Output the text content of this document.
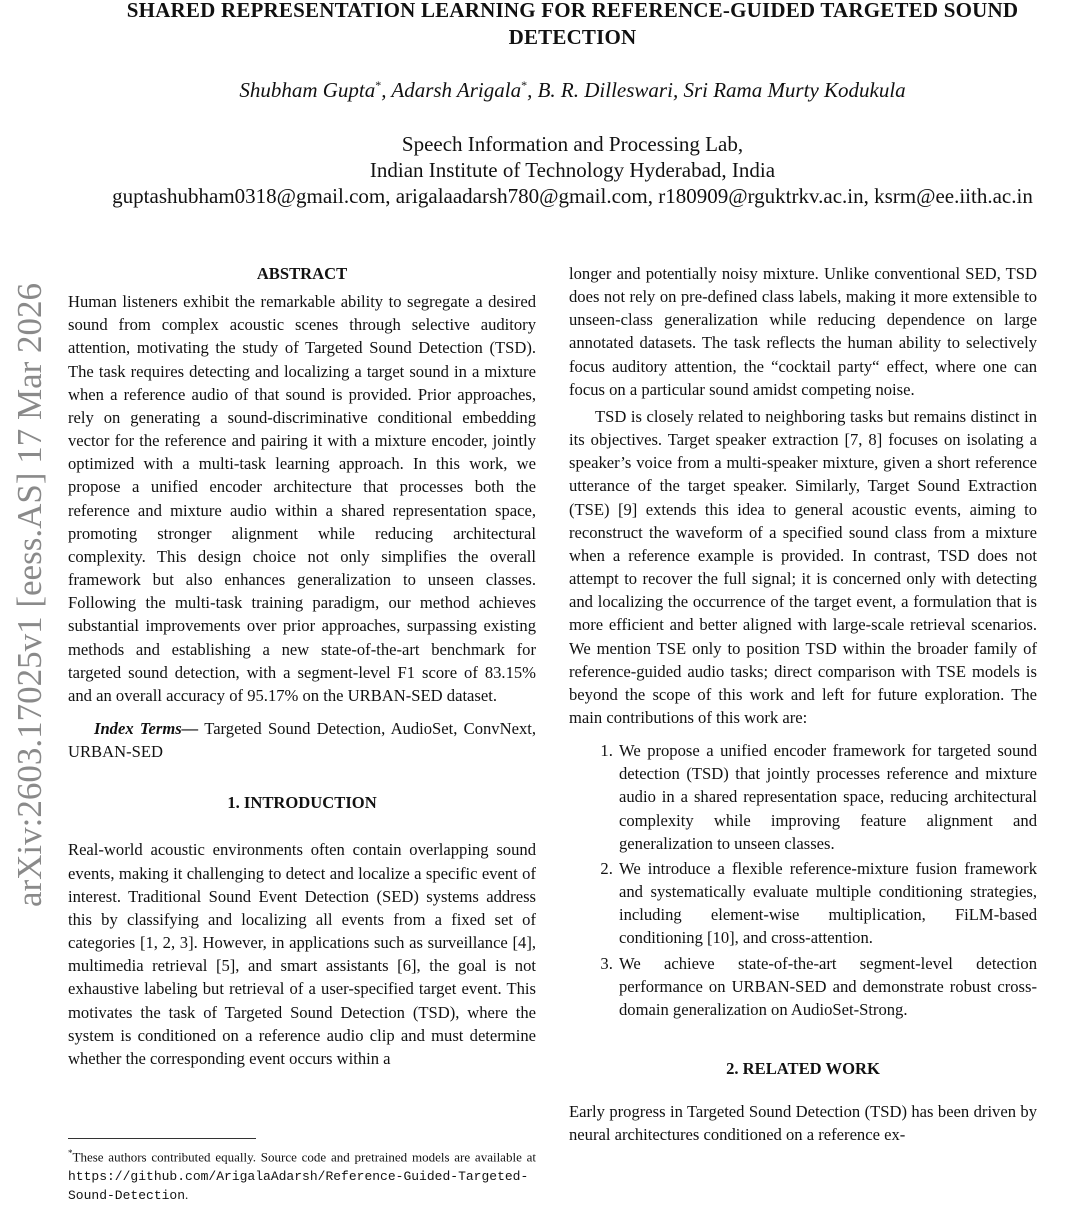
arXiv:2603.17025v1 [eess.AS] 17 Mar 2026
SHARED REPRESENTATION LEARNING FOR REFERENCE-GUIDED TARGETED SOUND
DETECTION
Shubham Gupta*, Adarsh Arigala*, B. R. Dilleswari, Sri Rama Murty Kodukula
Speech Information and Processing Lab,
Indian Institute of Technology Hyderabad, India
guptashubham0318@gmail.com, arigalaadarsh780@gmail.com, r180909@rguktrkv.ac.in, ksrm@ee.iith.ac.in

ABSTRACT

Human listeners exhibit the remarkable ability to segregate a desired sound from complex acoustic scenes through selective auditory attention, motivating the study of Targeted Sound Detection (TSD). The task requires detecting and localizing a target sound in a mixture when a reference audio of that sound is provided. Prior approaches, rely on generating a sound-discriminative conditional embedding vector for the reference and pairing it with a mixture encoder, jointly optimized with a multi-task learning approach. In this work, we propose a unified encoder architecture that processes both the reference and mixture audio within a shared representation space, promoting stronger alignment while reducing architectural complexity. This design choice not only simplifies the overall framework but also enhances generalization to unseen classes. Following the multi-task training paradigm, our method achieves substantial improvements over prior approaches, surpassing existing methods and establishing a new state-of-the-art benchmark for targeted sound detection, with a segment-level F1 score of 83.15% and an overall accuracy of 95.17% on the URBAN-SED dataset.

Index Terms— Targeted Sound Detection, AudioSet, ConvNext, URBAN-SED

1. INTRODUCTION

Real-world acoustic environments often contain overlapping sound events, making it challenging to detect and localize a specific event of interest. Traditional Sound Event Detection (SED) systems address this by classifying and localizing all events from a fixed set of categories [1, 2, 3]. However, in applications such as surveillance [4], multimedia retrieval [5], and smart assistants [6], the goal is not exhaustive labeling but retrieval of a user-specified target event. This motivates the task of Targeted Sound Detection (TSD), where the system is conditioned on a reference audio clip and must determine whether the corresponding event occurs within a

longer and potentially noisy mixture. Unlike conventional SED, TSD does not rely on pre-defined class labels, making it more extensible to unseen-class generalization while reducing dependence on large annotated datasets. The task reflects the human ability to selectively focus auditory attention, the “cocktail party“ effect, where one can focus on a particular sound amidst competing noise.

TSD is closely related to neighboring tasks but remains distinct in its objectives. Target speaker extraction [7, 8] focuses on isolating a speaker’s voice from a multi-speaker mixture, given a short reference utterance of the target speaker. Similarly, Target Sound Extraction (TSE) [9] extends this idea to general acoustic events, aiming to reconstruct the waveform of a specified sound class from a mixture when a reference example is provided. In contrast, TSD does not attempt to recover the full signal; it is concerned only with detecting and localizing the occurrence of the target event, a formulation that is more efficient and better aligned with large-scale retrieval scenarios. We mention TSE only to position TSD within the broader family of reference-guided audio tasks; direct comparison with TSE models is beyond the scope of this work and left for future exploration. The main contributions of this work are:

1. We propose a unified encoder framework for targeted sound detection (TSD) that jointly processes reference and mixture audio in a shared representation space, reducing architectural complexity while improving feature alignment and generalization to unseen classes.
2. We introduce a flexible reference-mixture fusion framework and systematically evaluate multiple conditioning strategies, including element-wise multiplication, FiLM-based conditioning [10], and cross-attention.
3. We achieve state-of-the-art segment-level detection performance on URBAN-SED and demonstrate robust cross-domain generalization on AudioSet-Strong.

2. RELATED WORK

Early progress in Targeted Sound Detection (TSD) has been driven by neural architectures conditioned on a reference ex-

*These authors contributed equally. Source code and pretrained models are available at https://github.com/ArigalaAdarsh/Reference-Guided-Targeted-Sound-Detection.
